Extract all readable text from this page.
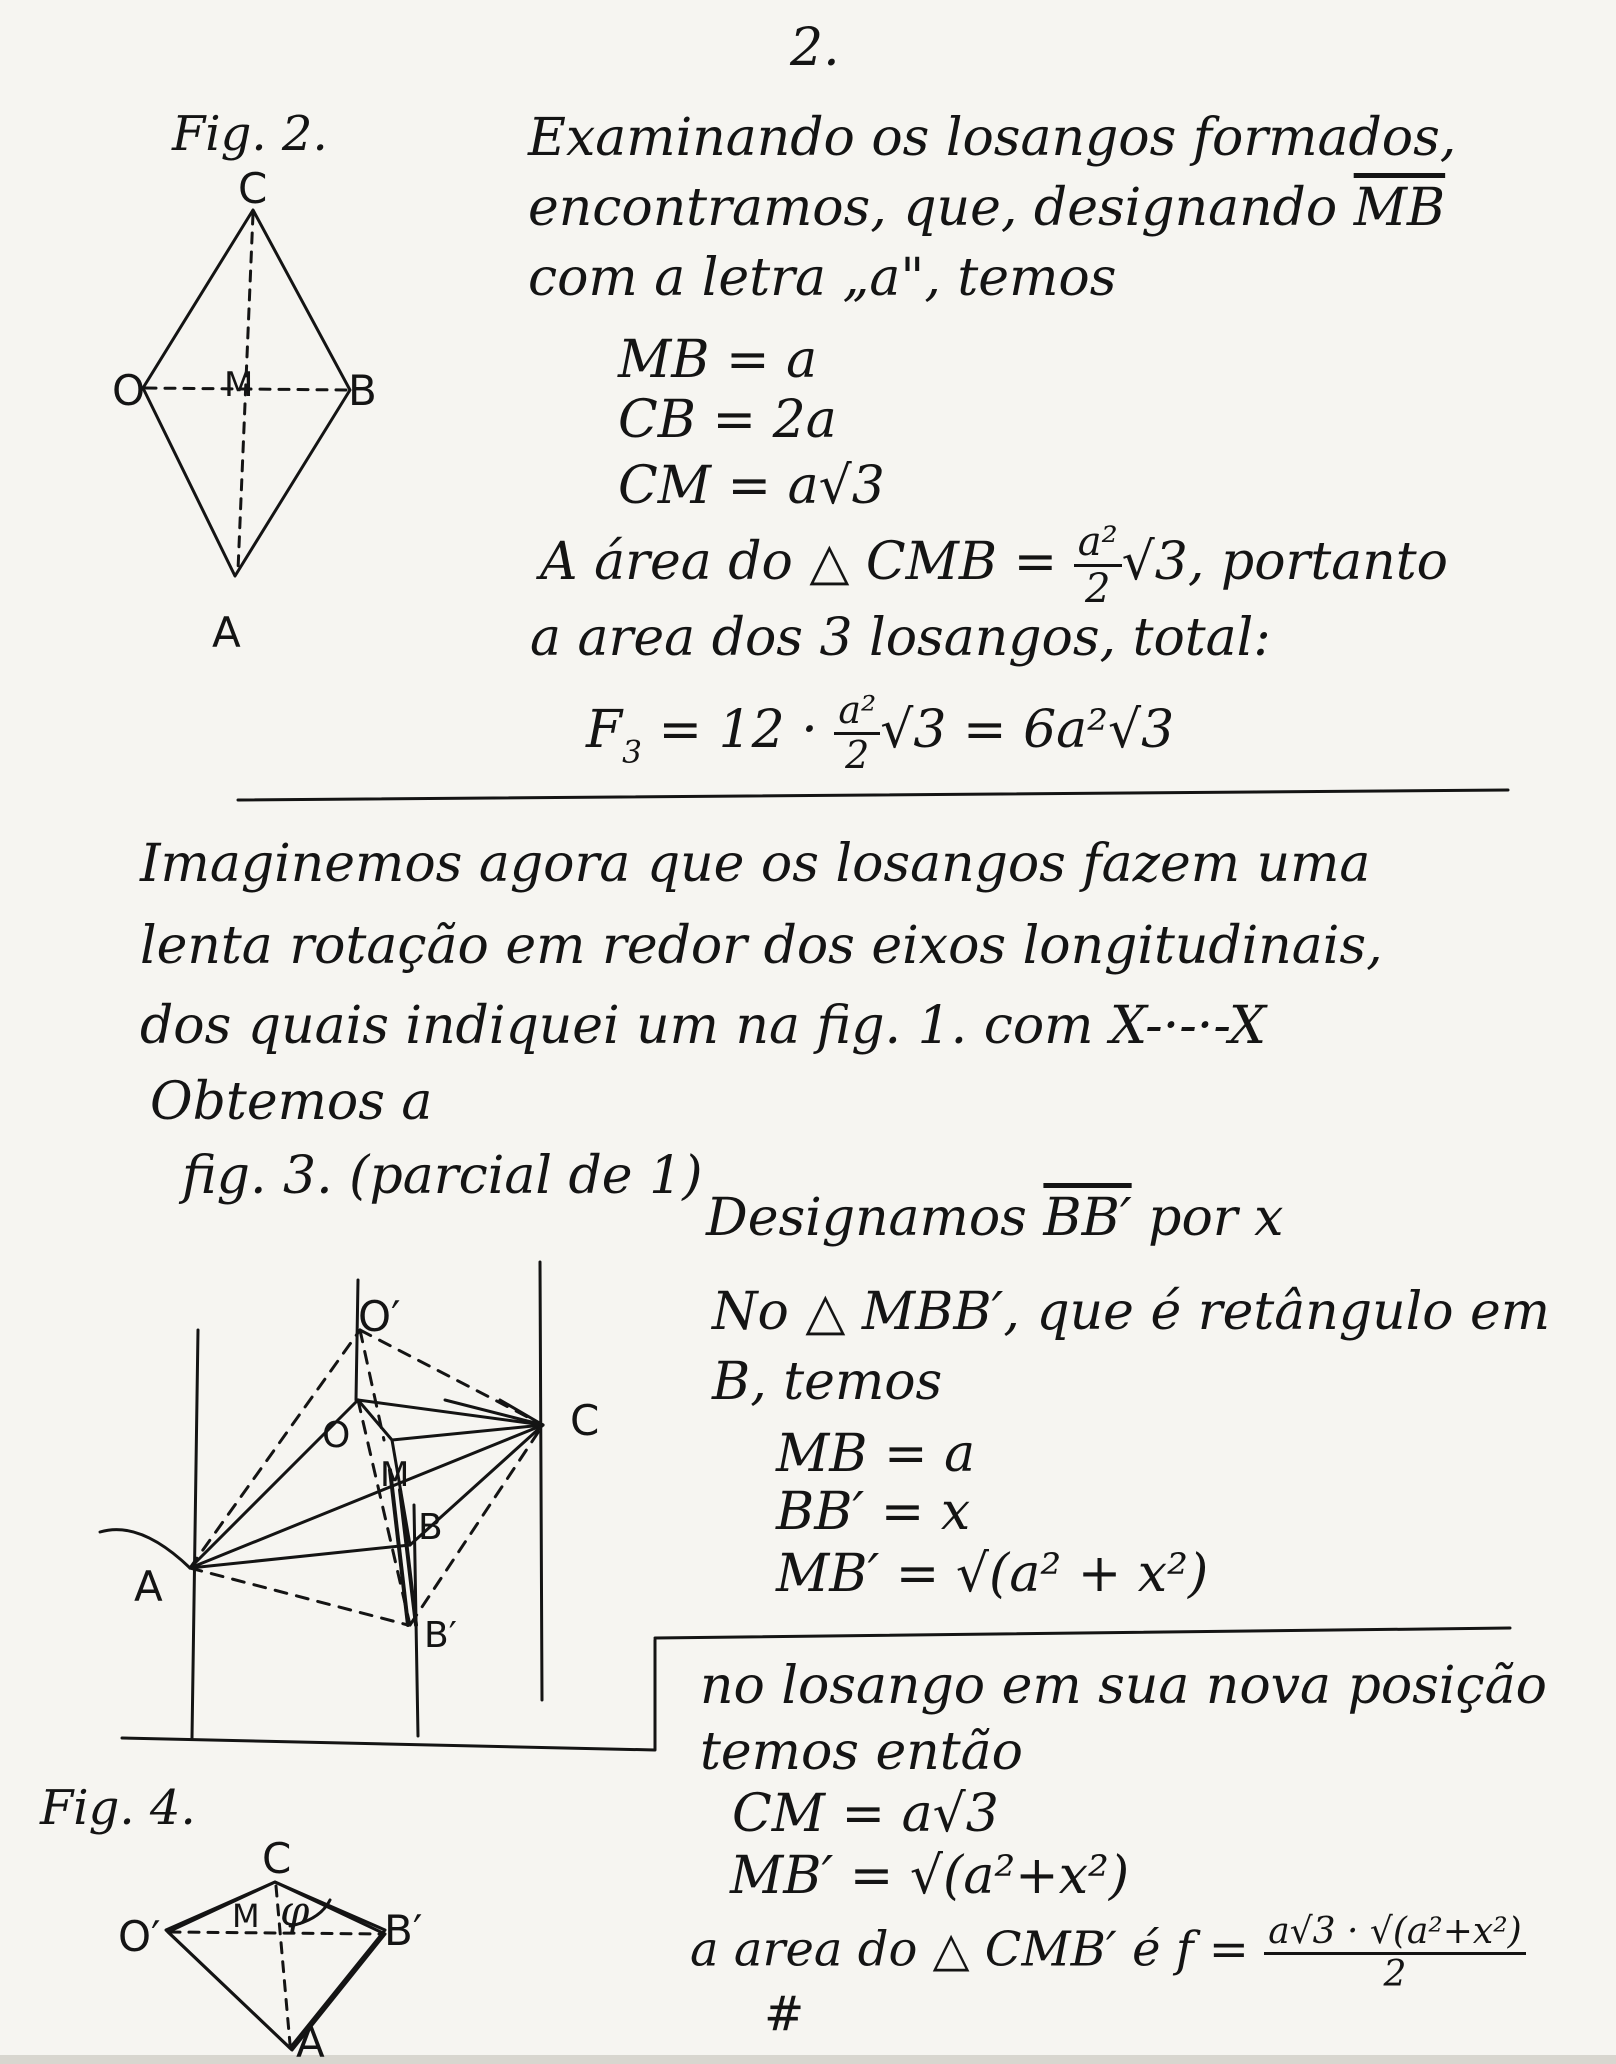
2.
Fig. 2.
C
O M B
A
Examinando os losangos formados,
encontramos, que, designando $\overline{MB}$
com a letra „a", temos
MB = a
CB = 2a
CM = a√3
A área do △ CMB = $\frac{\text{a²}}{2} √3$, portanto
a area dos 3 losangos, total:
$F_3 = 12 \cdot \frac{\text{a²}}{2} √3 = 6a^2√3$
Imaginemos agora que os losangos fazem uma
lenta rotação em redor dos eixos longitudinais,
dos quais indiquei um na fig. 1. com X-·-·-X
Obtemos a
fig. 3. (parcial de 1)
O′
O
M
C
A
B
B′
Designamos BB′ por x
No △ MBB′, que é retângulo em
B, temos
MB = a
BB′ = x
MB′ = √(a² + x²)
no losango em sua nova posição
temos então
CM = a√3
MB′ = √(a²+x²)
a area do △ CMB′ é $f = \frac{\text{a√3 · √(a²+x²)}}{2}$
#
Fig. 4.
C
φ
O′ M	B′
A
